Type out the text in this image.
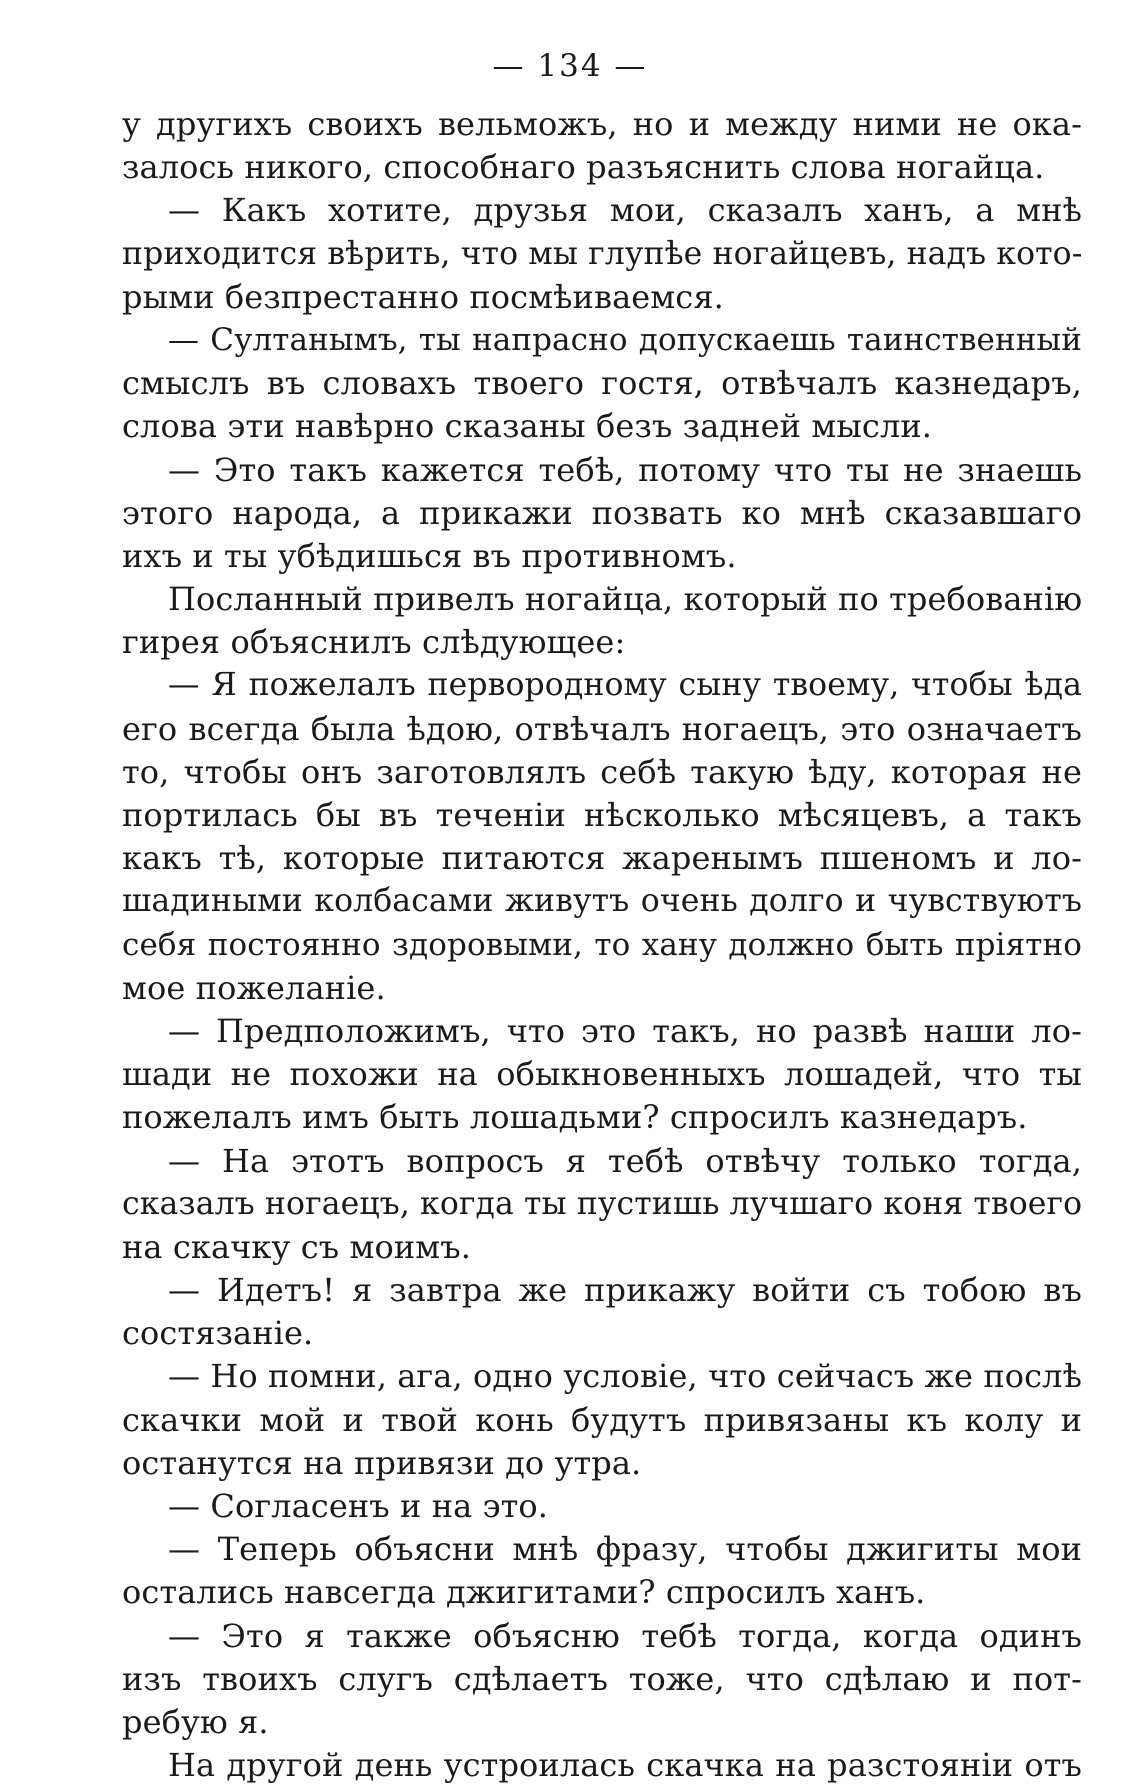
— 134 —
у другихъ своихъ вельможъ, но и между ними не ока-
залось никого, способнаго разъяснить слова ногайца.
— Какъ хотите, друзья мои, сказалъ ханъ, а мнѣ
приходится вѣрить, что мы глупѣе ногайцевъ, надъ кото-
рыми безпрестанно посмѣиваемся.
— Султанымъ, ты напрасно допускаешь таинственный
смыслъ въ словахъ твоего гостя, отвѣчалъ казнедаръ,
слова эти навѣрно сказаны безъ задней мысли.
— Это такъ кажется тебѣ, потому что ты не знаешь
этого народа, а прикажи позвать ко мнѣ сказавшаго
ихъ и ты убѣдишься въ противномъ.
Посланный привелъ ногайца, который по требованію
гирея объяснилъ слѣдующее:
— Я пожелалъ первородному сыну твоему, чтобы ѣда
его всегда была ѣдою, отвѣчалъ ногаецъ, это означаетъ
то, чтобы онъ заготовлялъ себѣ такую ѣду, которая не
портилась бы въ теченіи нѣсколько мѣсяцевъ, а такъ
какъ тѣ, которые питаются жаренымъ пшеномъ и ло-
шадиными колбасами живутъ очень долго и чувствуютъ
себя постоянно здоровыми, то хану должно быть пріятно
мое пожеланіе.
— Предположимъ, что это такъ, но развѣ наши ло-
шади не похожи на обыкновенныхъ лошадей, что ты
пожелалъ имъ быть лошадьми? спросилъ казнедаръ.
— На этотъ вопросъ я тебѣ отвѣчу только тогда,
сказалъ ногаецъ, когда ты пустишь лучшаго коня твоего
на скачку съ моимъ.
— Идетъ! я завтра же прикажу войти съ тобою въ
состязаніе.
— Но помни, ага, одно условіе, что сейчасъ же послѣ
скачки мой и твой конь будутъ привязаны къ колу и
останутся на привязи до утра.
— Согласенъ и на это.
— Теперь объясни мнѣ фразу, чтобы джигиты мои
остались навсегда джигитами? спросилъ ханъ.
— Это я также объясню тебѣ тогда, когда одинъ
изъ твоихъ слугъ сдѣлаетъ тоже, что сдѣлаю и пот-
ребую я.
На другой день устроилась скачка на разстояніи отъ
